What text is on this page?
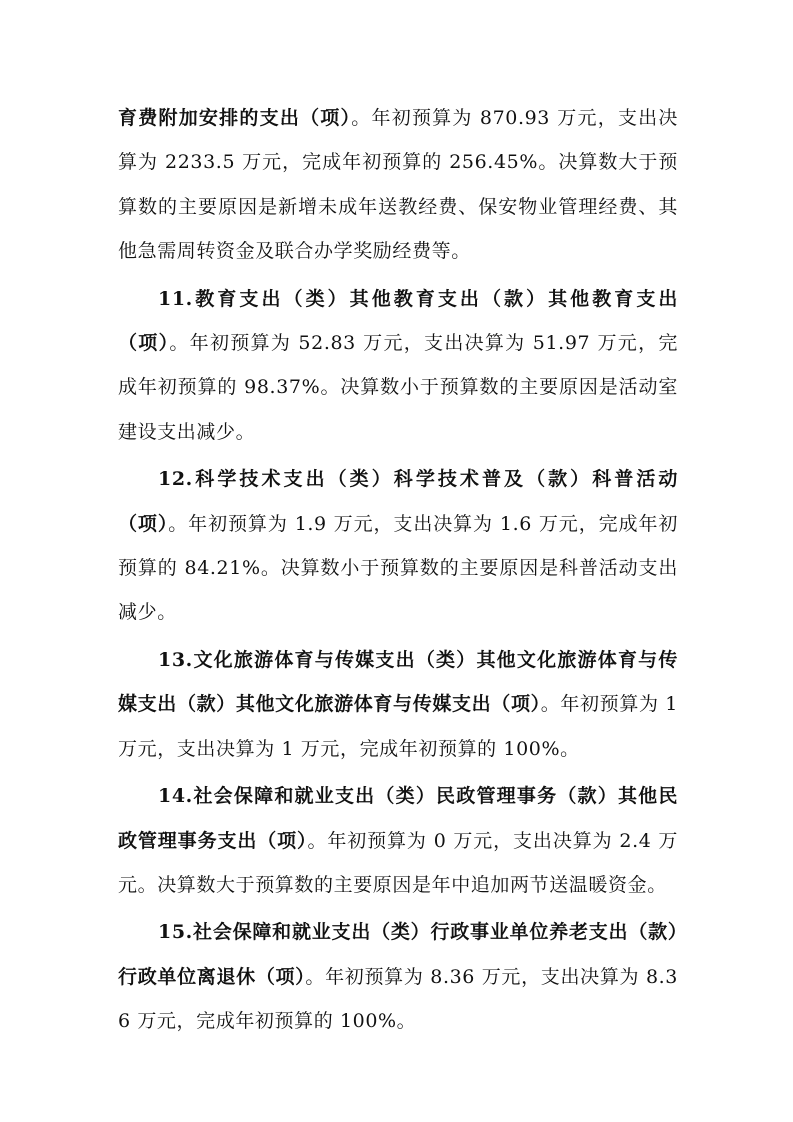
育费附加安排的支出（项）。年初预算为 870.93 万元，支出决算为 2233.5 万元，完成年初预算的 256.45%。决算数大于预算数的主要原因是新增未成年送教经费、保安物业管理经费、其他急需周转资金及联合办学奖励经费等。

11.教育支出（类）其他教育支出（款）其他教育支出（项）。年初预算为 52.83 万元，支出决算为 51.97 万元，完成年初预算的 98.37%。决算数小于预算数的主要原因是活动室建设支出减少。

12.科学技术支出（类）科学技术普及（款）科普活动（项）。年初预算为 1.9 万元，支出决算为 1.6 万元，完成年初预算的 84.21%。决算数小于预算数的主要原因是科普活动支出减少。

13.文化旅游体育与传媒支出（类）其他文化旅游体育与传媒支出（款）其他文化旅游体育与传媒支出（项）。年初预算为 1 万元，支出决算为 1 万元，完成年初预算的 100%。

14.社会保障和就业支出（类）民政管理事务（款）其他民政管理事务支出（项）。年初预算为 0 万元，支出决算为 2.4 万元。决算数大于预算数的主要原因是年中追加两节送温暖资金。

15.社会保障和就业支出（类）行政事业单位养老支出（款）行政单位离退休（项）。年初预算为 8.36 万元，支出决算为 8.36 万元，完成年初预算的 100%。
